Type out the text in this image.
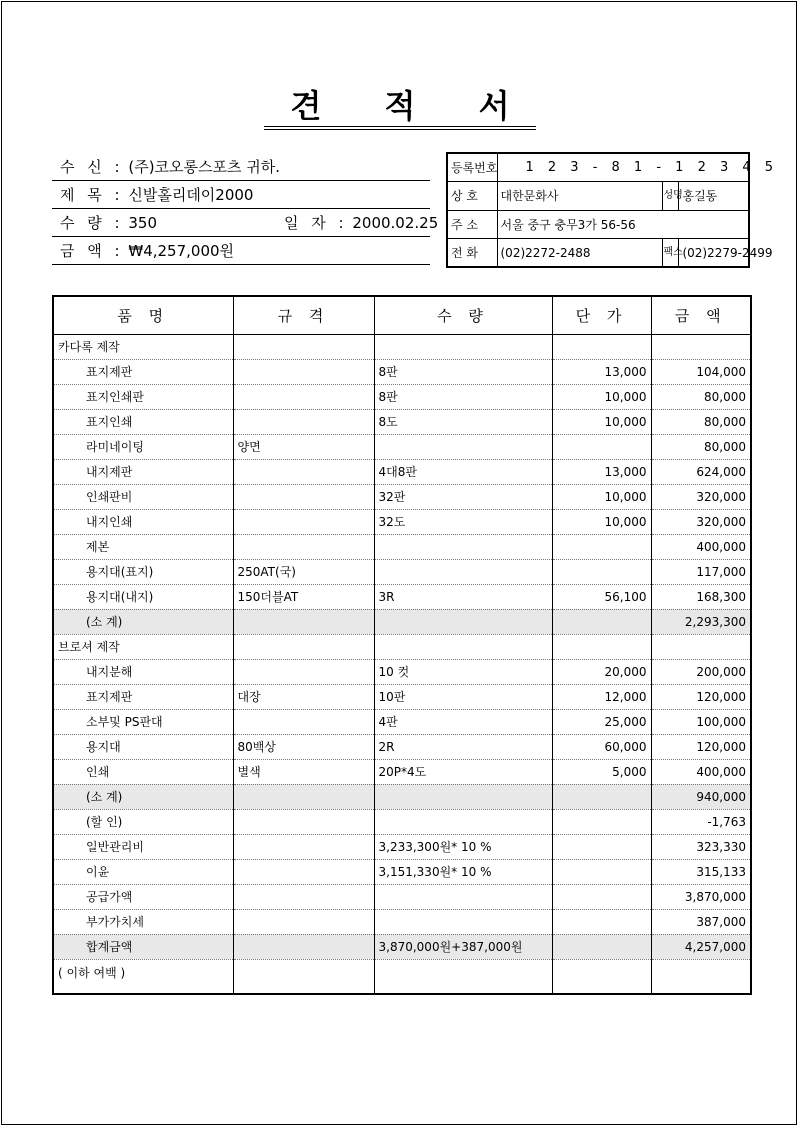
견 적 서
수 신 : (주)코오롱스포츠 귀하.
제 목 : 신발홀리데이2000
수 량 : 350	일 자 : 2000.02.25
금 액 : ₩4,257,000원
등록번호	1 2 3 - 8 1 - 1 2 3 4 5		
상 호	대한문화사	성명	홍길동
주 소	서울 중구 충무3가 56-56		
전 화	(02)2272-2488	팩스	(02)2279-2499
품 명	규 격	수 량	단 가	금 액
카다록 제작				
표지제판		8판	13,000	104,000
표지인쇄판		8판	10,000	80,000
표지인쇄		8도	10,000	80,000
라미네이팅	양면			80,000
내지제판		4대8판	13,000	624,000
인쇄판비		32판	10,000	320,000
내지인쇄		32도	10,000	320,000
제본				400,000
용지대(표지)	250AT(국)			117,000
용지대(내지)	150더블AT	3R	56,100	168,300
(소 계)				2,293,300
브로셔 제작				
내지분해		10 컷	20,000	200,000
표지제판	대장	10판	12,000	120,000
소부및 PS판대		4판	25,000	100,000
용지대	80백상	2R	60,000	120,000
인쇄	별색	20P*4도	5,000	400,000
(소 계)				940,000
(할 인)				-1,763
일반관리비		3,233,300원* 10 %		323,330
이윤		3,151,330원* 10 %		315,133
공급가액				3,870,000
부가가치세				387,000
합계금액		3,870,000원+387,000원		4,257,000
( 이하 여백 )				
